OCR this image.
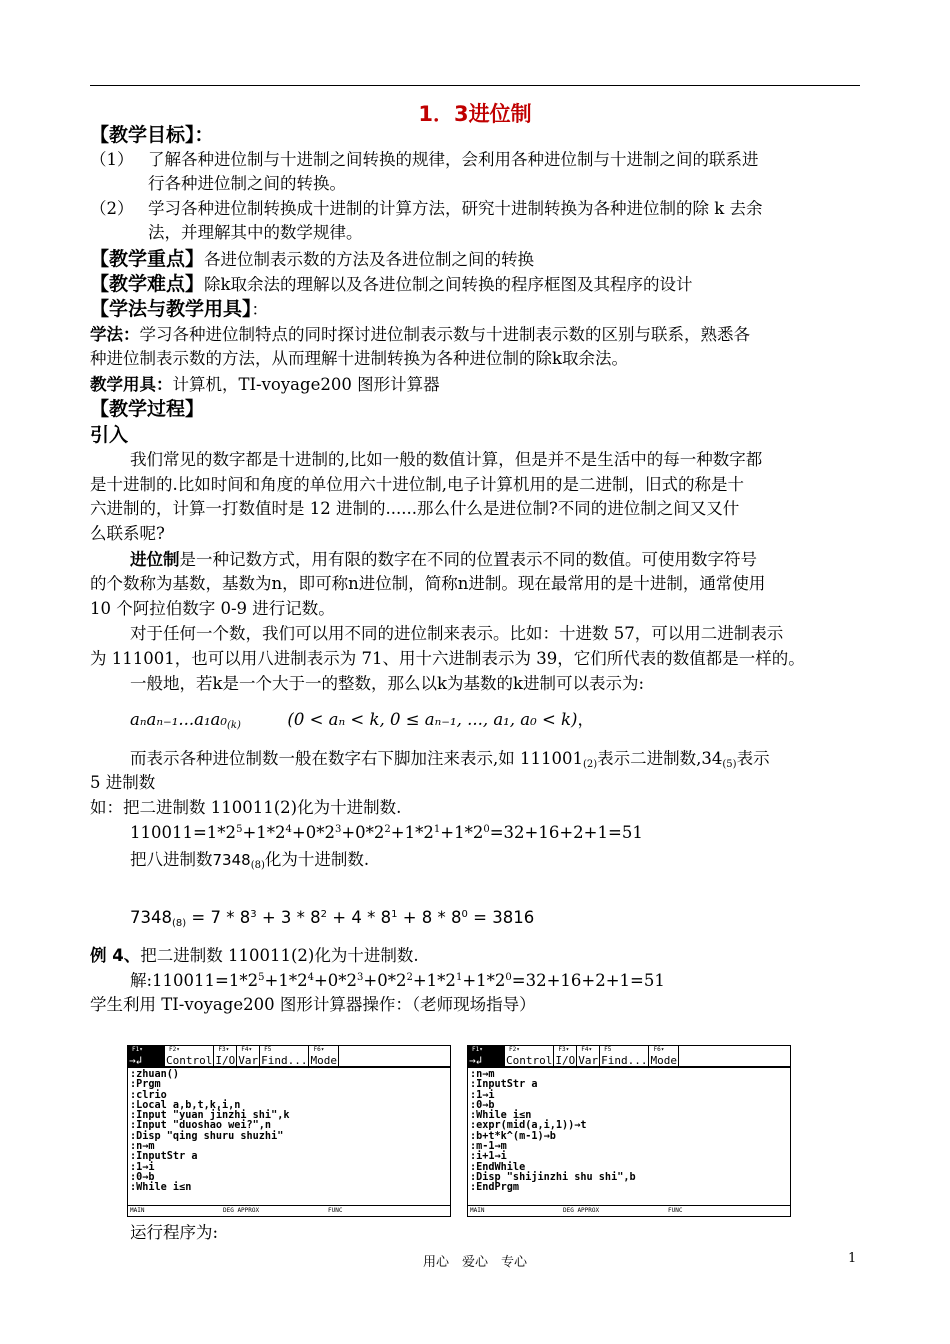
1．3进位制
【教学目标】：
（1） 了解各种进位制与十进制之间转换的规律，会利用各种进位制与十进制之间的联系进
行各种进位制之间的转换。
（2） 学习各种进位制转换成十进制的计算方法，研究十进制转换为各种进位制的除 k 去余
法，并理解其中的数学规律。
【教学重点】各进位制表示数的方法及各进位制之间的转换
【教学难点】除k取余法的理解以及各进位制之间转换的程序框图及其程序的设计
【学法与教学用具】：
学法：学习各种进位制特点的同时探讨进位制表示数与十进制表示数的区别与联系，熟悉各
种进位制表示数的方法，从而理解十进制转换为各种进位制的除k取余法。
教学用具：计算机，TI-voyage200 图形计算器
【教学过程】
引入
我们常见的数字都是十进制的,比如一般的数值计算，但是并不是生活中的每一种数字都
是十进制的.比如时间和角度的单位用六十进位制,电子计算机用的是二进制，旧式的称是十
六进制的，计算一打数值时是 12 进制的......那么什么是进位制?不同的进位制之间又又什
么联系呢?
进位制是一种记数方式，用有限的数字在不同的位置表示不同的数值。可使用数字符号
的个数称为基数，基数为n，即可称n进位制，简称n进制。现在最常用的是十进制，通常使用
10 个阿拉伯数字 0-9 进行记数。
对于任何一个数，我们可以用不同的进位制来表示。比如：十进数 57，可以用二进制表示
为 111001，也可以用八进制表示为 71、用十六进制表示为 39，它们所代表的数值都是一样的。
一般地，若k是一个大于一的整数，那么以k为基数的k进制可以表示为:
$a_na_{n-1}...a_1a_0_{(k)}$	(0 < aₙ < k, 0 ≤ aₙ₋₁, ..., a₁, a₀ < k)，
而表示各种进位制数一般在数字右下脚加注来表示,如 $111001_{(2)}$表示二进制数$,34_{(5)}$表示
5 进制数
如：把二进制数 110011(2)化为十进制数.
$110011=1*2^5+1*2^4+0*2^3+0*2^2+1*2^1+1*2^0=32+16+2+1=51$
把八进制数$7348_{(8)}$化为十进制数.
$7348_{(8)} = 7 * 8^3 + 3 * 8^2 + 4 * 8^1 + 8 * 8^0 = 3816$
例 4、把二进制数 110011(2)化为十进制数.
解$:110011=1*2^5+1*2^4+0*2^3+0*2^2+1*2^1+1*2^0=32+16+2+1=51$
学生利用 TI-voyage200 图形计算器操作：（老师现场指导）
F1▾
→↲
F2▾
Control
F3▾
I/O
F4▾
Var
F5
Find...
F6▾
Mode
:zhuan()
:Prgm
:clrio
:Local a,b,t,k,i,n
:Input "yuan jinzhi shi",k
:Input "duoshao wei?",n
:Disp "qing shuru shuzhi"
:n→m
:InputStr a
:1→i
:0→b
:While i≤n
MAIN	DEG APPROX	FUNC
F1▾
→↲
F2▾
Control
F3▾
I/O
F4▾
Var
F5
Find...
F6▾
Mode
:n→m
:InputStr a
:1→i
:0→b
:While i≤n
:expr(mid(a,i,1))→t
:b+t*k^(m-1)→b
:m-1→m
:i+1→i
:EndWhile
:Disp "shijinzhi shu shi",b
:EndPrgm
MAIN	DEG APPROX	FUNC
运行程序为:
用心　爱心　专心	1
